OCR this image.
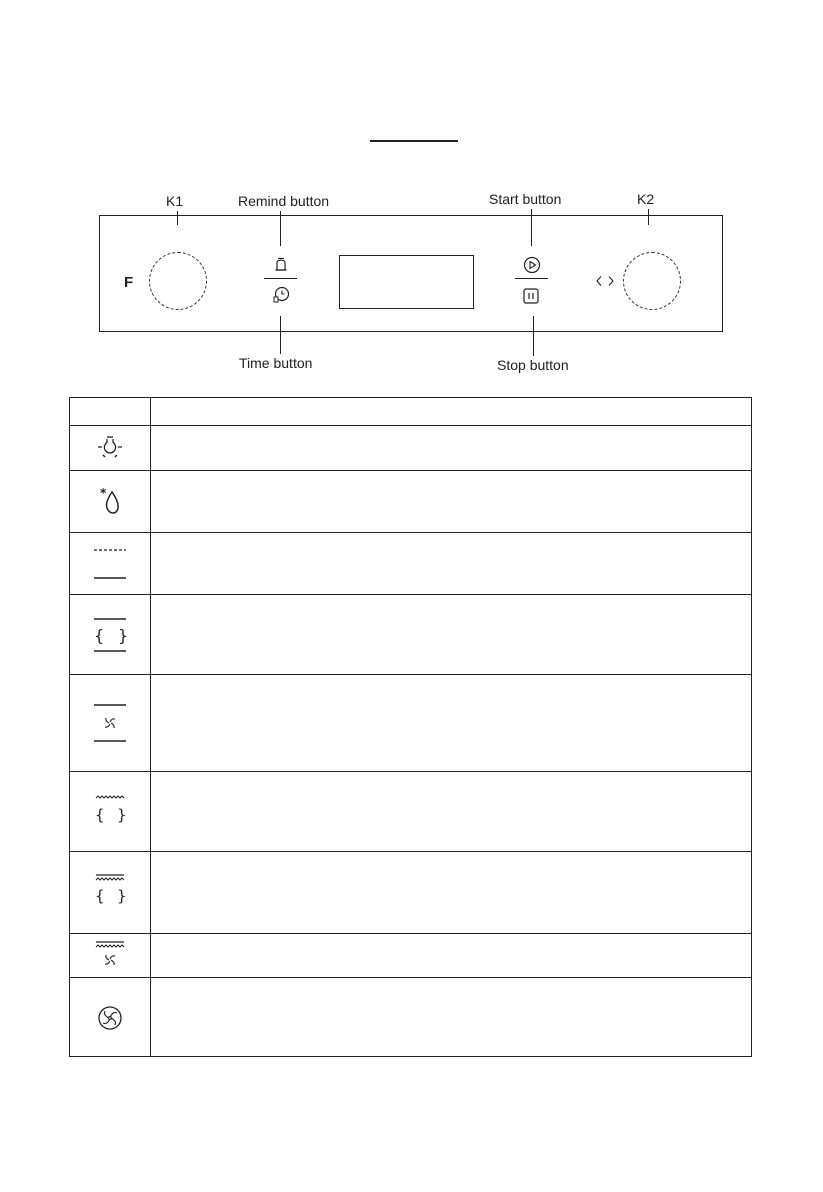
K1	Remind button	Start button	K2
F
Time button	Stop button
*
{ }
{ }
{ }
